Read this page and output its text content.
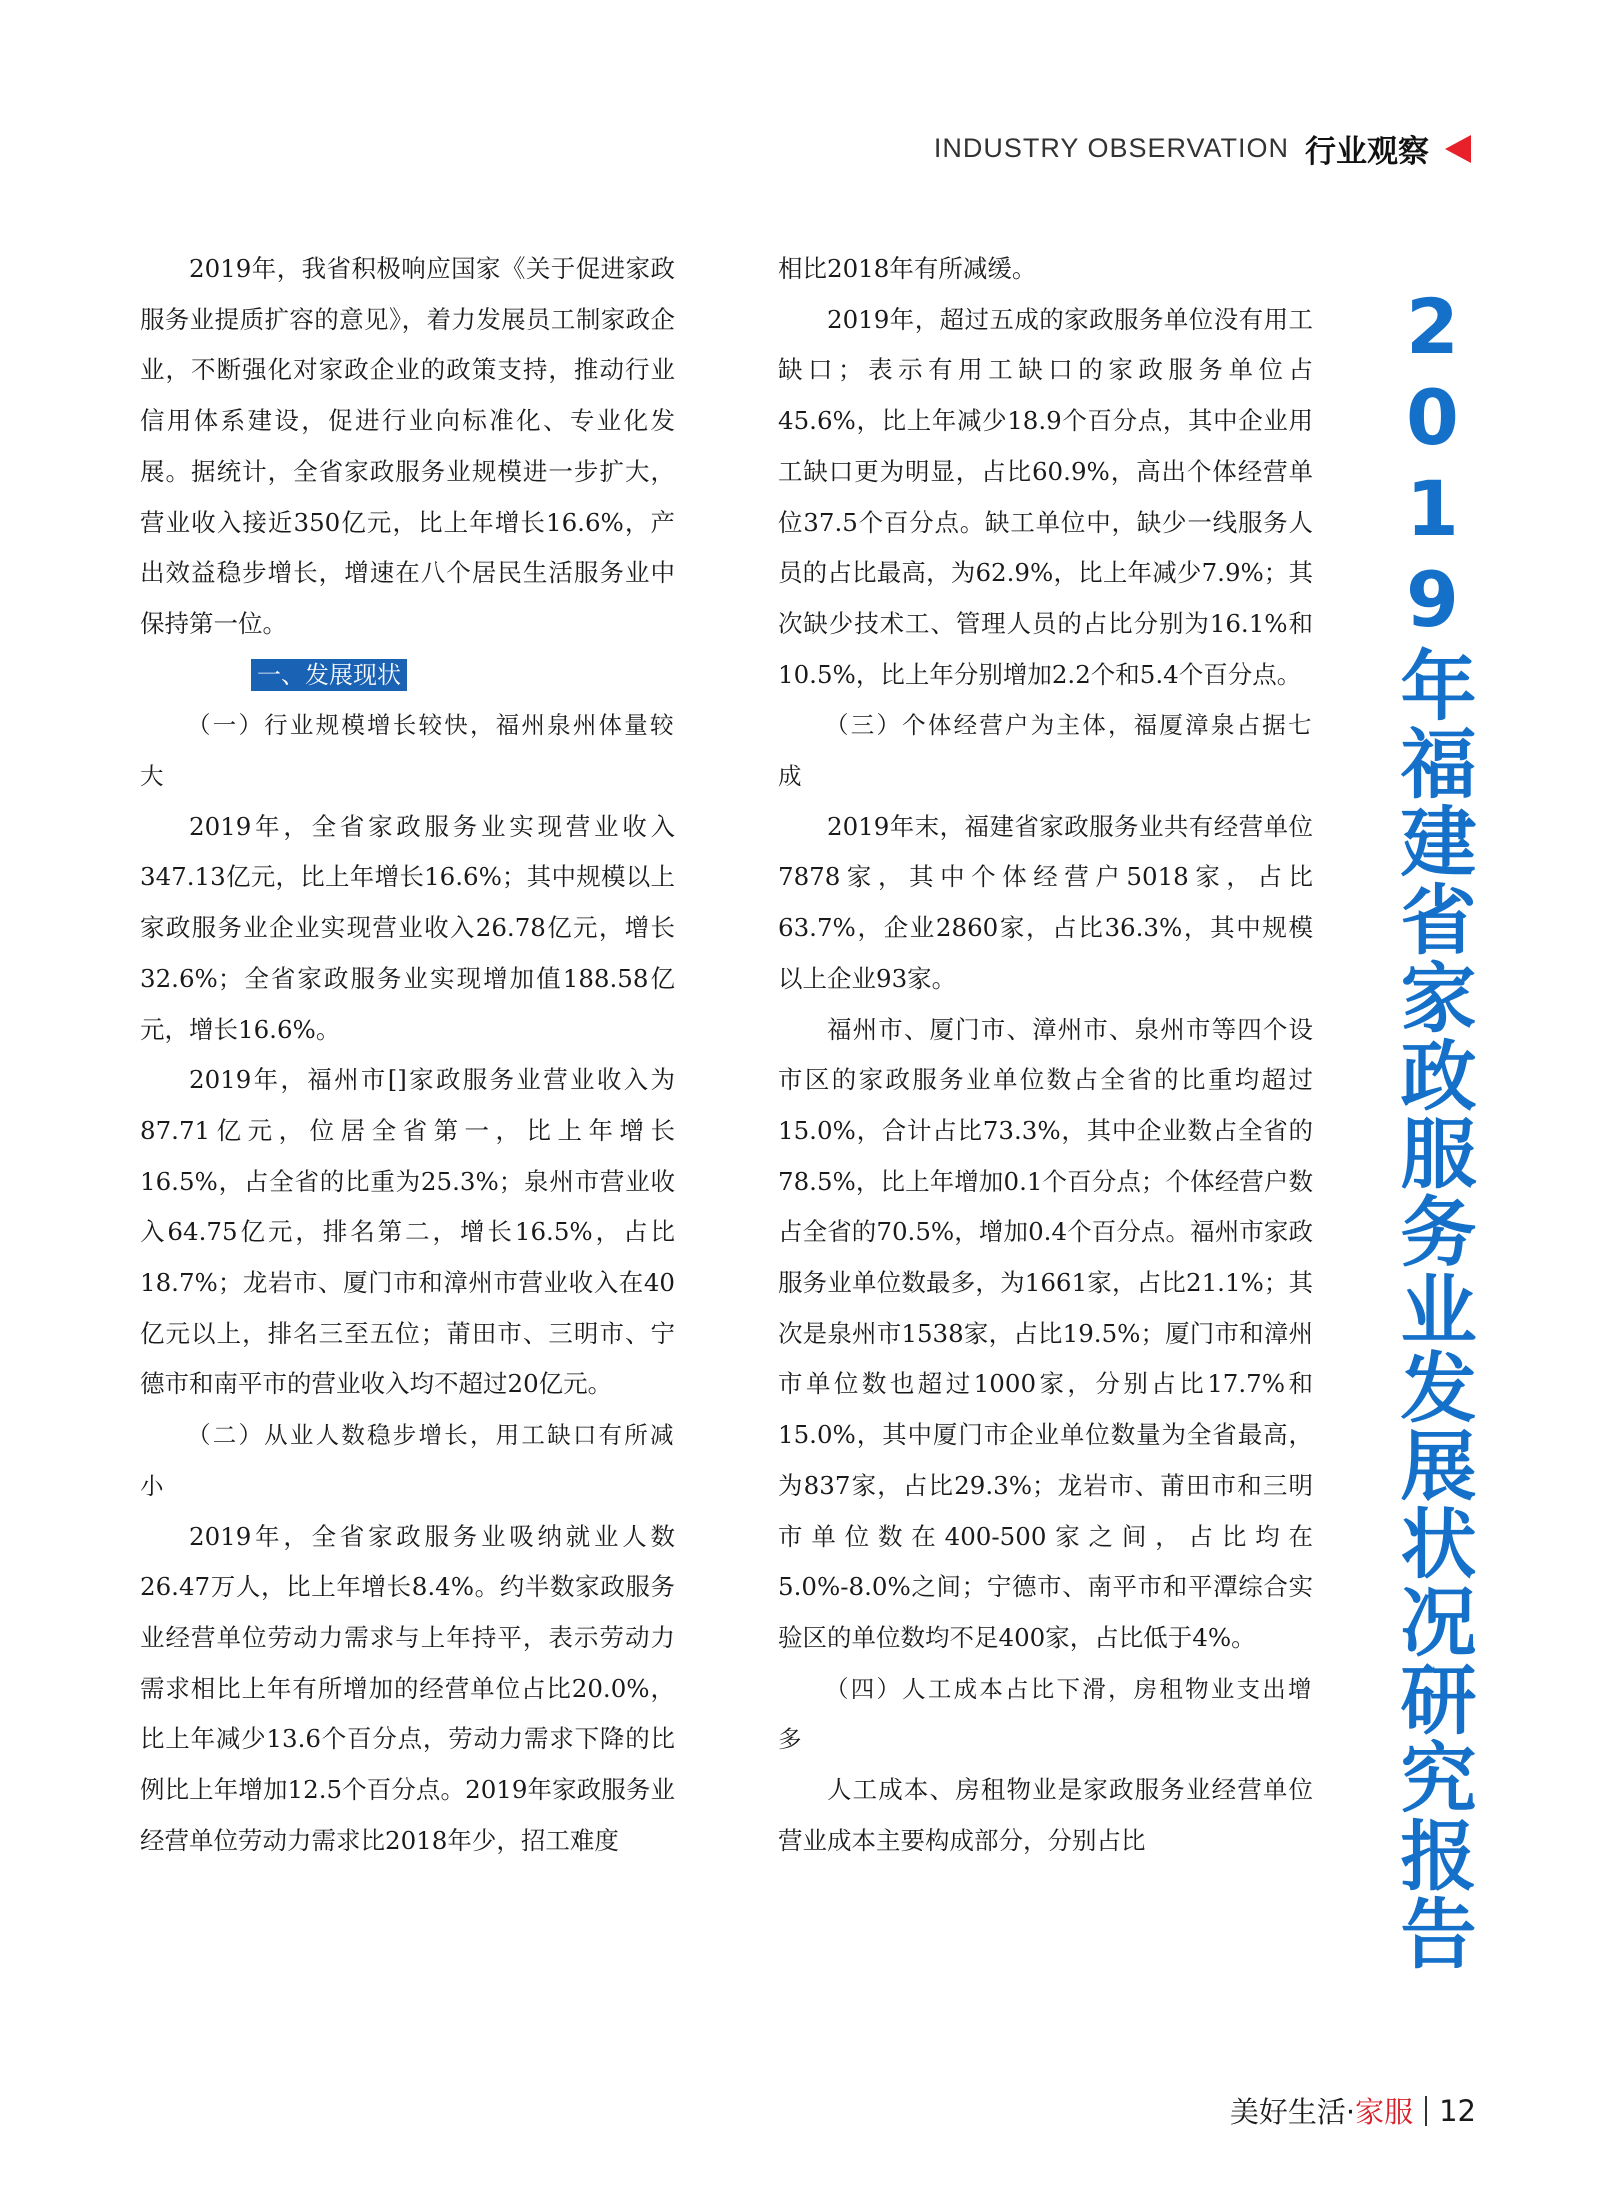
INDUSTRY OBSERVATION 行业观察

2019年，我省积极响应国家《关于促进家政服务业提质扩容的意见》，着力发展员工制家政企业，不断强化对家政企业的政策支持，推动行业信用体系建设，促进行业向标准化、专业化发展。据统计，全省家政服务业规模进一步扩大，营业收入接近350亿元，比上年增长16.6%，产出效益稳步增长，增速在八个居民生活服务业中保持第一位。

一、发展现状

（一）行业规模增长较快，福州泉州体量较大

2019年，全省家政服务业实现营业收入347.13亿元，比上年增长16.6%；其中规模以上家政服务业企业实现营业收入26.78亿元，增长32.6%；全省家政服务业实现增加值188.58亿元，增长16.6%。

2019年，福州市[]家政服务业营业收入为87.71亿元，位居全省第一，比上年增长16.5%，占全省的比重为25.3%；泉州市营业收入64.75亿元，排名第二，增长16.5%，占比18.7%；龙岩市、厦门市和漳州市营业收入在40亿元以上，排名三至五位；莆田市、三明市、宁德市和南平市的营业收入均不超过20亿元。

（二）从业人数稳步增长，用工缺口有所减小

2019年，全省家政服务业吸纳就业人数26.47万人，比上年增长8.4%。约半数家政服务业经营单位劳动力需求与上年持平，表示劳动力需求相比上年有所增加的经营单位占比20.0%，比上年减少13.6个百分点，劳动力需求下降的比例比上年增加12.5个百分点。2019年家政服务业经营单位劳动力需求比2018年少，招工难度

相比2018年有所减缓。

2019年，超过五成的家政服务单位没有用工缺口；表示有用工缺口的家政服务单位占45.6%，比上年减少18.9个百分点，其中企业用工缺口更为明显，占比60.9%，高出个体经营单位37.5个百分点。缺工单位中，缺少一线服务人员的占比最高，为62.9%，比上年减少7.9%；其次缺少技术工、管理人员的占比分别为16.1%和10.5%，比上年分别增加2.2个和5.4个百分点。

（三）个体经营户为主体，福厦漳泉占据七成

2019年末，福建省家政服务业共有经营单位7878家，其中个体经营户5018家，占比63.7%，企业2860家，占比36.3%，其中规模以上企业93家。

福州市、厦门市、漳州市、泉州市等四个设市区的家政服务业单位数占全省的比重均超过15.0%，合计占比73.3%，其中企业数占全省的78.5%，比上年增加0.1个百分点；个体经营户数占全省的70.5%，增加0.4个百分点。福州市家政服务业单位数最多，为1661家，占比21.1%；其次是泉州市1538家，占比19.5%；厦门市和漳州市单位数也超过1000家，分别占比17.7%和15.0%，其中厦门市企业单位数量为全省最高，为837家，占比29.3%；龙岩市、莆田市和三明市单位数在400-500家之间，占比均在5.0%-8.0%之间；宁德市、南平市和平潭综合实验区的单位数均不足400家，占比低于4%。

（四）人工成本占比下滑，房租物业支出增多

人工成本、房租物业是家政服务业经营单位营业成本主要构成部分，分别占比	2019年福建省家政服务业发展状况研究报告
美好生活· 家服 12
